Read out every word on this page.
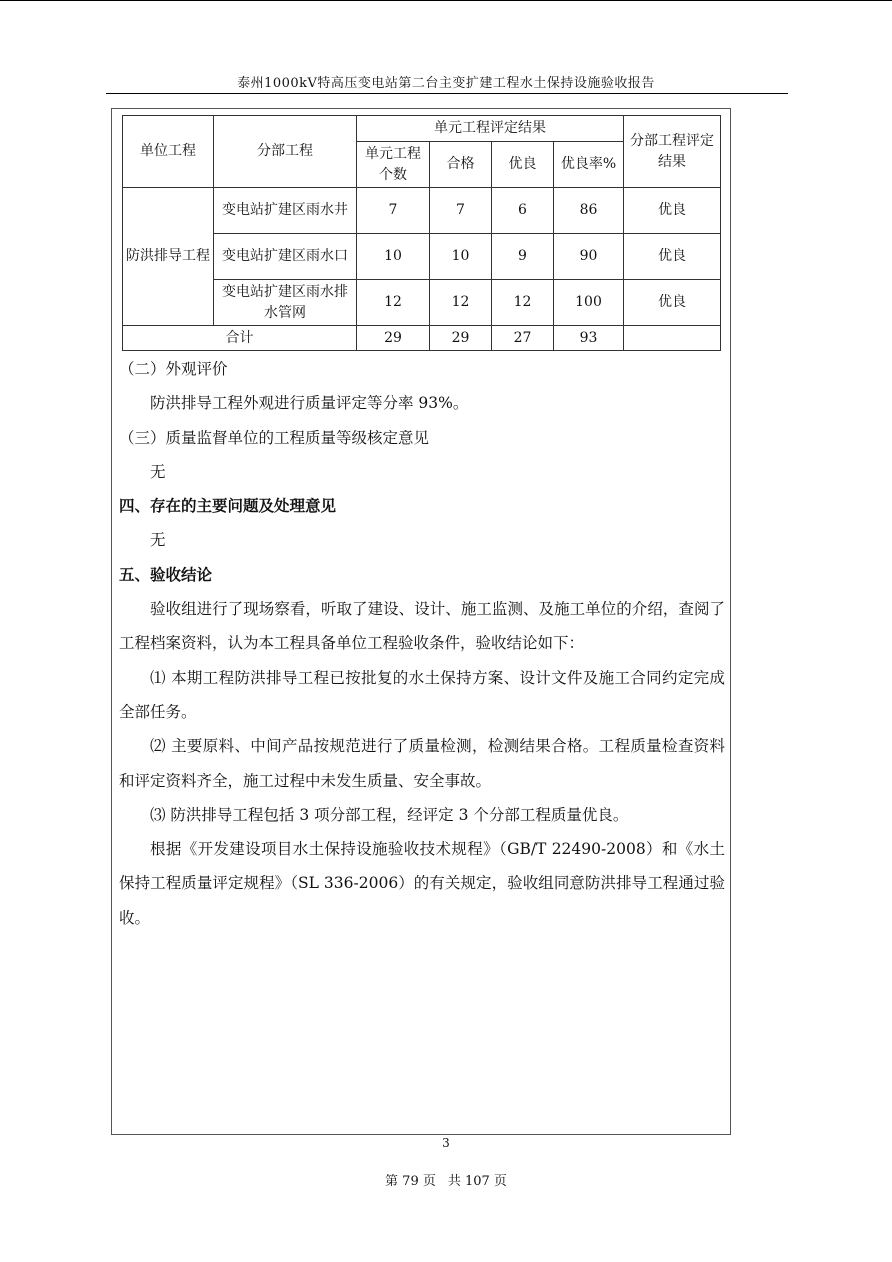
泰州1000kV特高压变电站第二台主变扩建工程水土保持设施验收报告
单位工程	分部工程	单元工程评定结果				分部工程评定结果
		单元工程个数	合格	优良	优良率%	
防洪排导工程	变电站扩建区雨水井	7	7	6	86	优良
	变电站扩建区雨水口	10	10	9	90	优良
	变电站扩建区雨水排水管网	12	12	12	100	优良
合计		29	29	27	93	

（二）外观评价

防洪排导工程外观进行质量评定等分率 93%。

（三）质量监督单位的工程质量等级核定意见

无

四、存在的主要问题及处理意见

无

五、验收结论

验收组进行了现场察看，听取了建设、设计、施工监测、及施工单位的介绍，查阅了工程档案资料，认为本工程具备单位工程验收条件，验收结论如下：

⑴ 本期工程防洪排导工程已按批复的水土保持方案、设计文件及施工合同约定完成全部任务。

⑵ 主要原料、中间产品按规范进行了质量检测，检测结果合格。工程质量检查资料和评定资料齐全，施工过程中未发生质量、安全事故。

⑶ 防洪排导工程包括 3 项分部工程，经评定 3 个分部工程质量优良。

根据《开发建设项目水土保持设施验收技术规程》（GB/T 22490-2008）和《水土保持工程质量评定规程》（SL 336-2006）的有关规定，验收组同意防洪排导工程通过验收。

3
第 79 页 共 107 页
